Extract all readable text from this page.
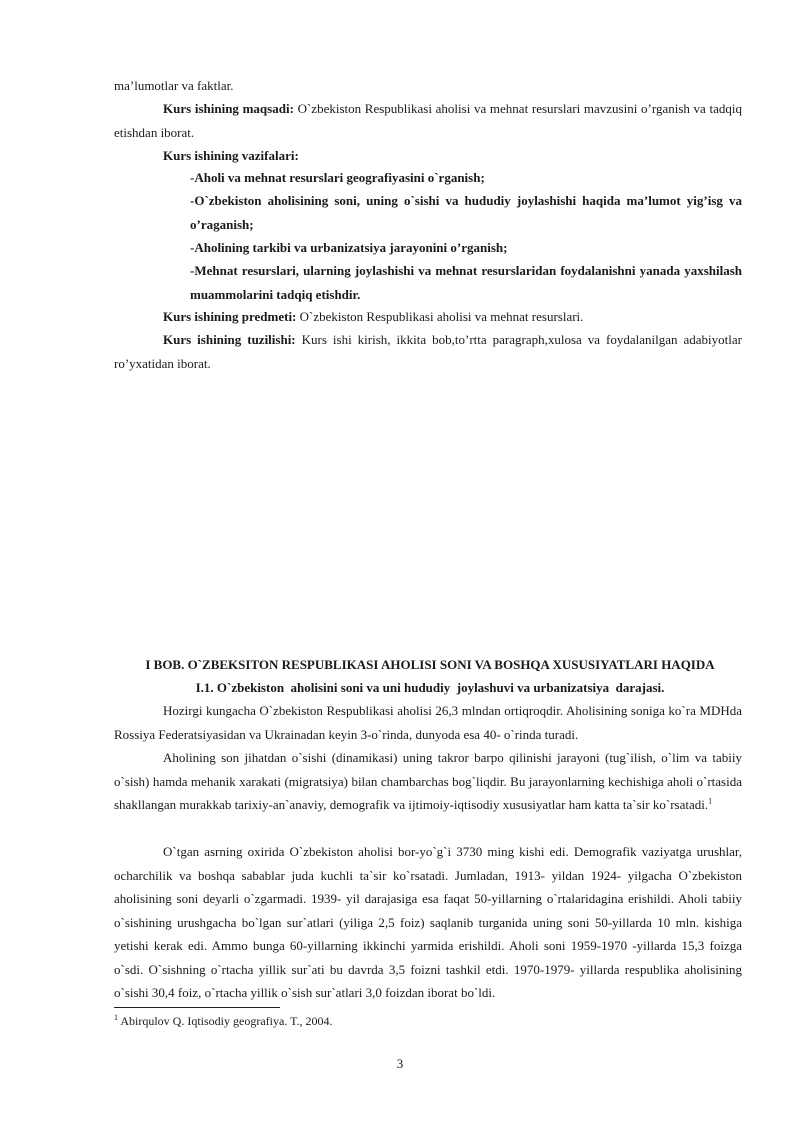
ma’lumotlar va faktlar.

Kurs ishining maqsadi: O`zbekiston Respublikasi aholisi va mehnat resurslari mavzusini o’rganish va tadqiq etishdan iborat.

Kurs ishining vazifalari:

-Aholi va mehnat resurslari geografiyasini o`rganish;

-O`zbekiston aholisining soni, uning o`sishi va hududiy joylashishi haqida ma’lumot yig’isg va o’raganish;

-Aholining tarkibi va urbanizatsiya jarayonini o’rganish;

-Mehnat resurslari, ularning joylashishi va mehnat resurslaridan foydalanishni yanada yaxshilash muammolarini tadqiq etishdir.

Kurs ishining predmeti: O`zbekiston Respublikasi aholisi va mehnat resurslari.

Kurs ishining tuzilishi: Kurs ishi kirish, ikkita bob,to’rtta paragraph,xulosa va foydalanilgan adabiyotlar ro’yxatidan iborat.

I BOB. O`ZBEKSITON RESPUBLIKASI AHOLISI SONI VA BOSHQA XUSUSIYATLARI HAQIDA

I.1. O`zbekiston  aholisini soni va uni hududiy  joylashuvi va urbanizatsiya  darajasi.

Hozirgi kungacha O`zbekiston Respublikasi aholisi 26,3 mlndan ortiqroqdir. Aholisining soniga ko`ra MDHda Rossiya Federatsiyasidan va Ukrainadan keyin 3-o`rinda, dunyoda esa 40- o`rinda turadi.

Aholining son jihatdan o`sishi (dinamikasi) uning takror barpo qilinishi jarayoni (tug`ilish, o`lim va tabiiy o`sish) hamda mehanik xarakati (migratsiya) bilan chambarchas bog`liqdir. Bu jarayonlarning kechishiga aholi o`rtasida shakllangan murakkab tarixiy-an`anaviy, demografik va ijtimoiy-iqtisodiy xususiyatlar ham katta ta`sir ko`rsatadi.$^1$

O`tgan asrning oxirida O`zbekiston aholisi bor-yo`g`i 3730 ming kishi edi. Demografik vaziyatga urushlar, ocharchilik va boshqa sabablar juda kuchli ta`sir ko`rsatadi. Jumladan, 1913- yildan 1924- yilgacha O`zbekiston aholisining soni deyarli o`zgarmadi. 1939- yil darajasiga esa faqat 50-yillarning o`rtalaridagina erishildi. Aholi tabiiy o`sishining urushgacha bo`lgan sur`atlari (yiliga 2,5 foiz) saqlanib turganida uning soni 50-yillarda 10 mln. kishiga yetishi kerak edi. Ammo bunga 60-yillarning ikkinchi yarmida erishildi. Aholi soni 1959-1970 -yillarda 15,3 foizga o`sdi. O`sishning o`rtacha yillik sur`ati bu davrda 3,5 foizni tashkil etdi. 1970-1979- yillarda respublika aholisining o`sishi 30,4 foiz, o`rtacha yillik o`sish sur`atlari 3,0 foizdan iborat bo`ldi.

$^1$ Abirqulov Q. Iqtisodiy geografiya. T., 2004.

3
